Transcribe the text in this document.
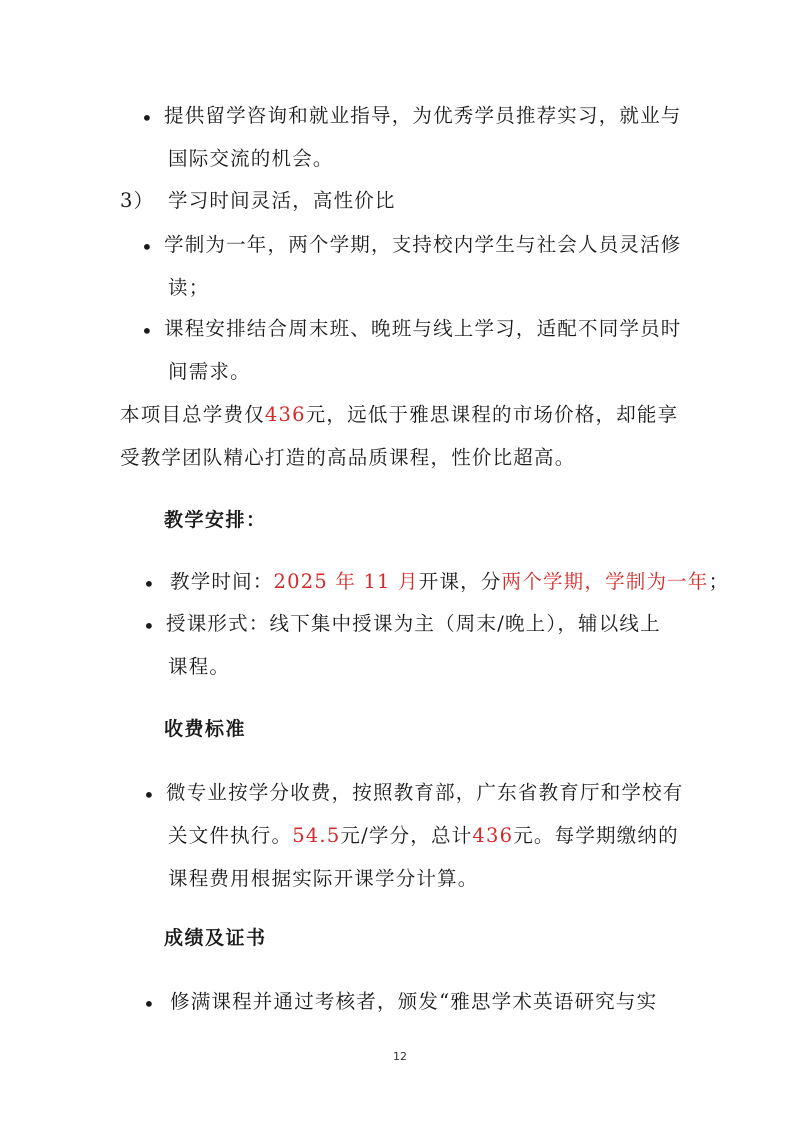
• 提供留学咨询和就业指导，为优秀学员推荐实习，就业与
国际交流的机会。
3） 学习时间灵活，高性价比
• 学制为一年，两个学期，支持校内学生与社会人员灵活修
读；
• 课程安排结合周末班、晚班与线上学习，适配不同学员时
间需求。
本项目总学费仅436元，远低于雅思课程的市场价格，却能享
受教学团队精心打造的高品质课程，性价比超高。
教学安排：
• 教学时间：2025 年 11 月开课，分两个学期，学制为一年；
• 授课形式：线下集中授课为主（周末/晚上），辅以线上
课程。
收费标准
• 微专业按学分收费，按照教育部，广东省教育厅和学校有
关文件执行。54.5元/学分，总计436元。每学期缴纳的
课程费用根据实际开课学分计算。
成绩及证书
• 修满课程并通过考核者，颁发“雅思学术英语研究与实
12
